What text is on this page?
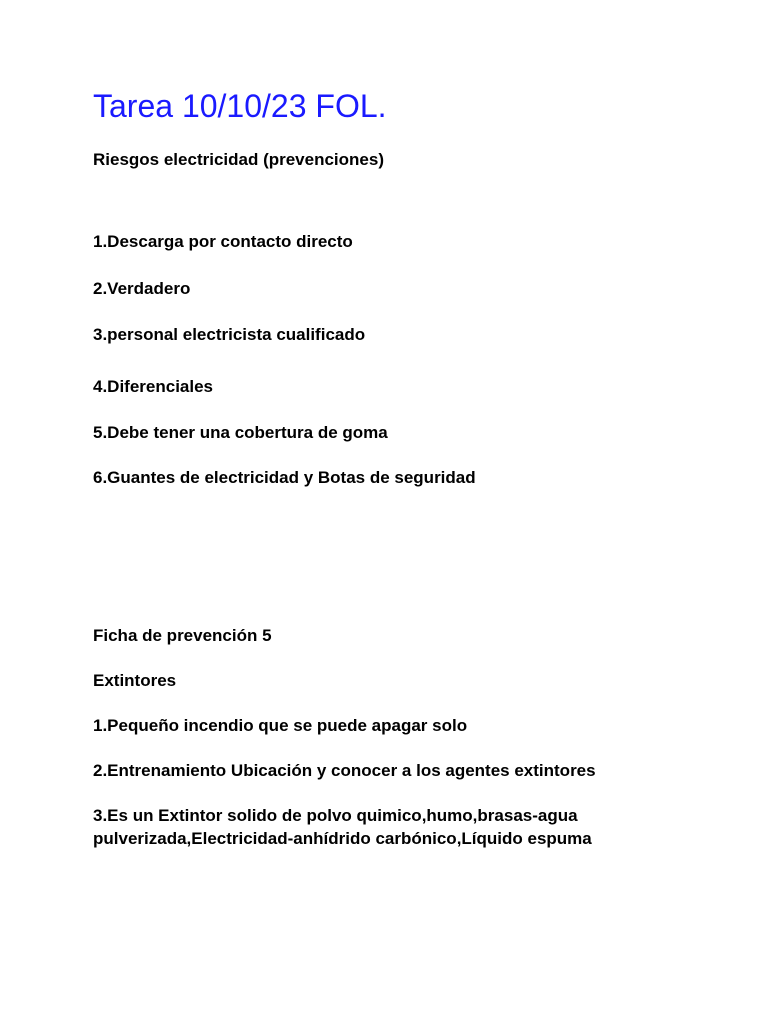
Tarea 10/10/23 FOL.
Riesgos electricidad (prevenciones)
1.Descarga por contacto directo
2.Verdadero
3.personal electricista cualificado
4.Diferenciales
5.Debe tener una cobertura de goma
6.Guantes de electricidad y Botas de seguridad
Ficha de prevención 5
Extintores
1.Pequeño incendio que se puede apagar solo
2.Entrenamiento Ubicación y conocer a los agentes extintores
3.Es un Extintor solido de polvo quimico,humo,brasas-agua
pulverizada,Electricidad-anhídrido carbónico,Líquido espuma
